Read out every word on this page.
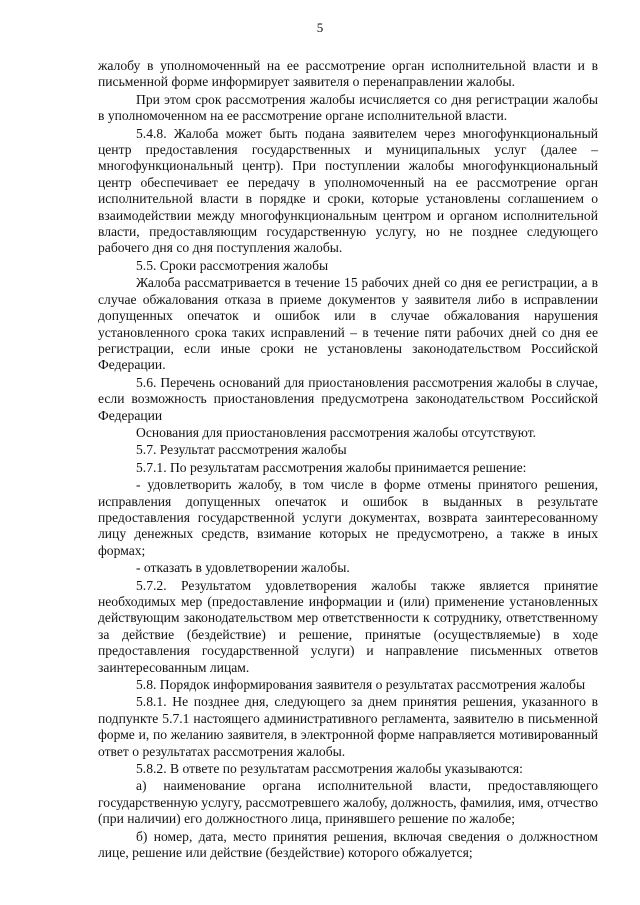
5

жалобу в уполномоченный на ее рассмотрение орган исполнительной власти и в письменной форме информирует заявителя о перенаправлении жалобы.

При этом срок рассмотрения жалобы исчисляется со дня регистрации жалобы в уполномоченном на ее рассмотрение органе исполнительной власти.

5.4.8. Жалоба может быть подана заявителем через многофункциональный центр предоставления государственных и муниципальных услуг (далее – многофункциональный центр). При поступлении жалобы многофункциональный центр обеспечивает ее передачу в уполномоченный на ее рассмотрение орган исполнительной власти в порядке и сроки, которые установлены соглашением о взаимодействии между многофункциональным центром и органом исполнительной власти, предоставляющим государственную услугу, но не позднее следующего рабочего дня со дня поступления жалобы.

5.5. Сроки рассмотрения жалобы

Жалоба рассматривается в течение 15 рабочих дней со дня ее регистрации, а в случае обжалования отказа в приеме документов у заявителя либо в исправлении допущенных опечаток и ошибок или в случае обжалования нарушения установленного срока таких исправлений – в течение пяти рабочих дней со дня ее регистрации, если иные сроки не установлены законодательством Российской Федерации.

5.6. Перечень оснований для приостановления рассмотрения жалобы в случае, если возможность приостановления предусмотрена законодательством Российской Федерации

Основания для приостановления рассмотрения жалобы отсутствуют.

5.7. Результат рассмотрения жалобы

5.7.1. По результатам рассмотрения жалобы принимается решение:

- удовлетворить жалобу, в том числе в форме отмены принятого решения, исправления допущенных опечаток и ошибок в выданных в результате предоставления государственной услуги документах, возврата заинтересованному лицу денежных средств, взимание которых не предусмотрено, а также в иных формах;

- отказать в удовлетворении жалобы.

5.7.2. Результатом удовлетворения жалобы также является принятие необходимых мер (предоставление информации и (или) применение установленных действующим законодательством мер ответственности к сотруднику, ответственному за действие (бездействие) и решение, принятые (осуществляемые) в ходе предоставления государственной услуги) и направление письменных ответов заинтересованным лицам.

5.8. Порядок информирования заявителя о результатах рассмотрения жалобы

5.8.1. Не позднее дня, следующего за днем принятия решения, указанного в подпункте 5.7.1 настоящего административного регламента, заявителю в письменной форме и, по желанию заявителя, в электронной форме направляется мотивированный ответ о результатах рассмотрения жалобы.

5.8.2. В ответе по результатам рассмотрения жалобы указываются:

а) наименование органа исполнительной власти, предоставляющего государственную услугу, рассмотревшего жалобу, должность, фамилия, имя, отчество (при наличии) его должностного лица, принявшего решение по жалобе;

б) номер, дата, место принятия решения, включая сведения о должностном лице, решение или действие (бездействие) которого обжалуется;
